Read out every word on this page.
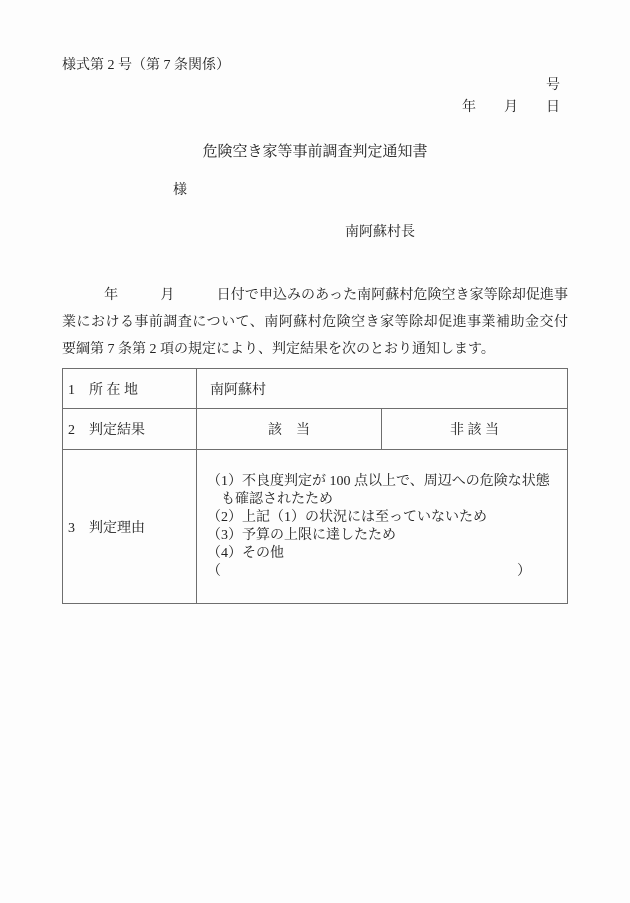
様式第 2 号（第 7 条関係）
号
年　　月　　日
危険空き家等事前調査判定通知書
様
南阿蘇村長
　　　年　　　月　　　日付で申込みのあった南阿蘇村危険空き家等除却促進事
業における事前調査について、南阿蘇村危険空き家等除却促進事業補助金交付
要綱第 7 条第 2 項の規定により、判定結果を次のとおり通知します。
1　所 在 地	南阿蘇村	
2　判定結果	該　当	非 該 当
3　判定理由	
（1）不良度判定が 100 点以上で、周辺への危険な状態
　も確認されたため
（2）上記（1）の状況には至っていないため
（3）予算の上限に達したため
（4）その他
（	）
